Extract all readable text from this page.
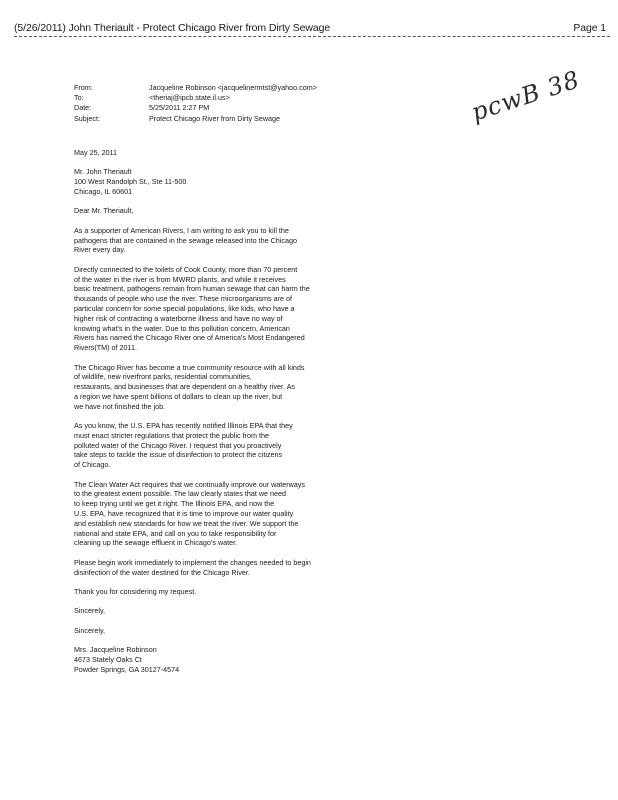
(5/26/2011) John Theriault - Protect Chicago River from Dirty Sewage	Page 1
From:	Jacqueline Robinson <jacquelinermtst@yahoo.com>
To:	<theriaj@ipcb.state.il.us>
Date:	5/25/2011 2:27 PM
Subject:	Protect Chicago River from Dirty Sewage	pcwB 38

May 25, 2011

Mr. John Theriault
100 West Randolph St., Ste 11-500
Chicago, IL 60601

Dear Mr. Theriault,

As a supporter of American Rivers, I am writing to ask you to kill the
pathogens that are contained in the sewage released into the Chicago
River every day.

Directly connected to the toilets of Cook County, more than 70 percent
of the water in the river is from MWRD plants, and while it receives
basic treatment, pathogens remain from human sewage that can harm the
thousands of people who use the river. These microorganisms are of
particular concern for some special populations, like kids, who have a
higher risk of contracting a waterborne illness and have no way of
knowing what's in the water. Due to this pollution concern, American
Rivers has named the Chicago River one of America's Most Endangered
Rivers(TM) of 2011.

The Chicago River has become a true community resource with all kinds
of wildlife, new riverfront parks, residential communities,
restaurants, and businesses that are dependent on a healthy river. As
a region we have spent billions of dollars to clean up the river, but
we have not finished the job.

As you know, the U.S. EPA has recently notified Illinois EPA that they
must enact stricter regulations that protect the public from the
polluted water of the Chicago River. I request that you proactively
take steps to tackle the issue of disinfection to protect the citizens
of Chicago.

The Clean Water Act requires that we continually improve our waterways
to the greatest extent possible. The law clearly states that we need
to keep trying until we get it right. The Illinois EPA, and now the
U.S. EPA, have recognized that it is time to improve our water quality
and establish new standards for how we treat the river. We support the
national and state EPA, and call on you to take responsibility for
cleaning up the sewage effluent in Chicago's water.

Please begin work immediately to implement the changes needed to begin
disinfection of the water destined for the Chicago River.

Thank you for considering my request.

Sincerely,

Sincerely,

Mrs. Jacqueline Robinson
4673 Stately Oaks Ct
Powder Springs, GA 30127-4574
